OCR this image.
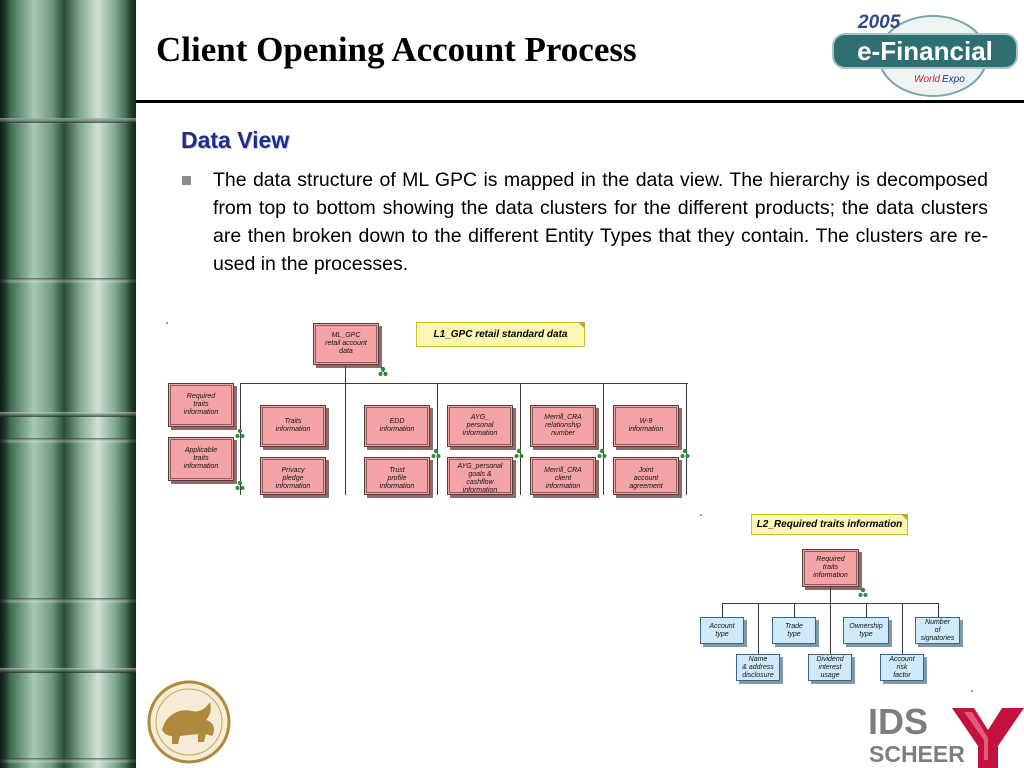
Client Opening Account Process
2005
e-Financial
World Expo
Data View

The data structure of ML GPC is mapped in the data view. The hierarchy is decomposed from top to bottom showing the data clusters for the different products; the data clusters are then broken down to the different Entity Types that they contain. The clusters are re-used in the processes.

L1_GPC retail standard data
ML_GPC
retail account
data
Required
traits
information
Applicable
traits
information
Traits
information
EDD
information
AYG_
personal
information
Merrill_CRA
relationship
number
W-9
information
Privacy
pledge
information
Trust
profile
information
AYG_personal
goals &
cashflow
information
Merrill_CRA
client
information
Joint
account
agreement
L2_Required traits information
Required
traits
information
Account
type
Trade
type
Ownership
type
Number
of
signatories
Name
& address
disclosure
Dividend
interest
usage
Account
risk
factor
IDS
SCHEER
